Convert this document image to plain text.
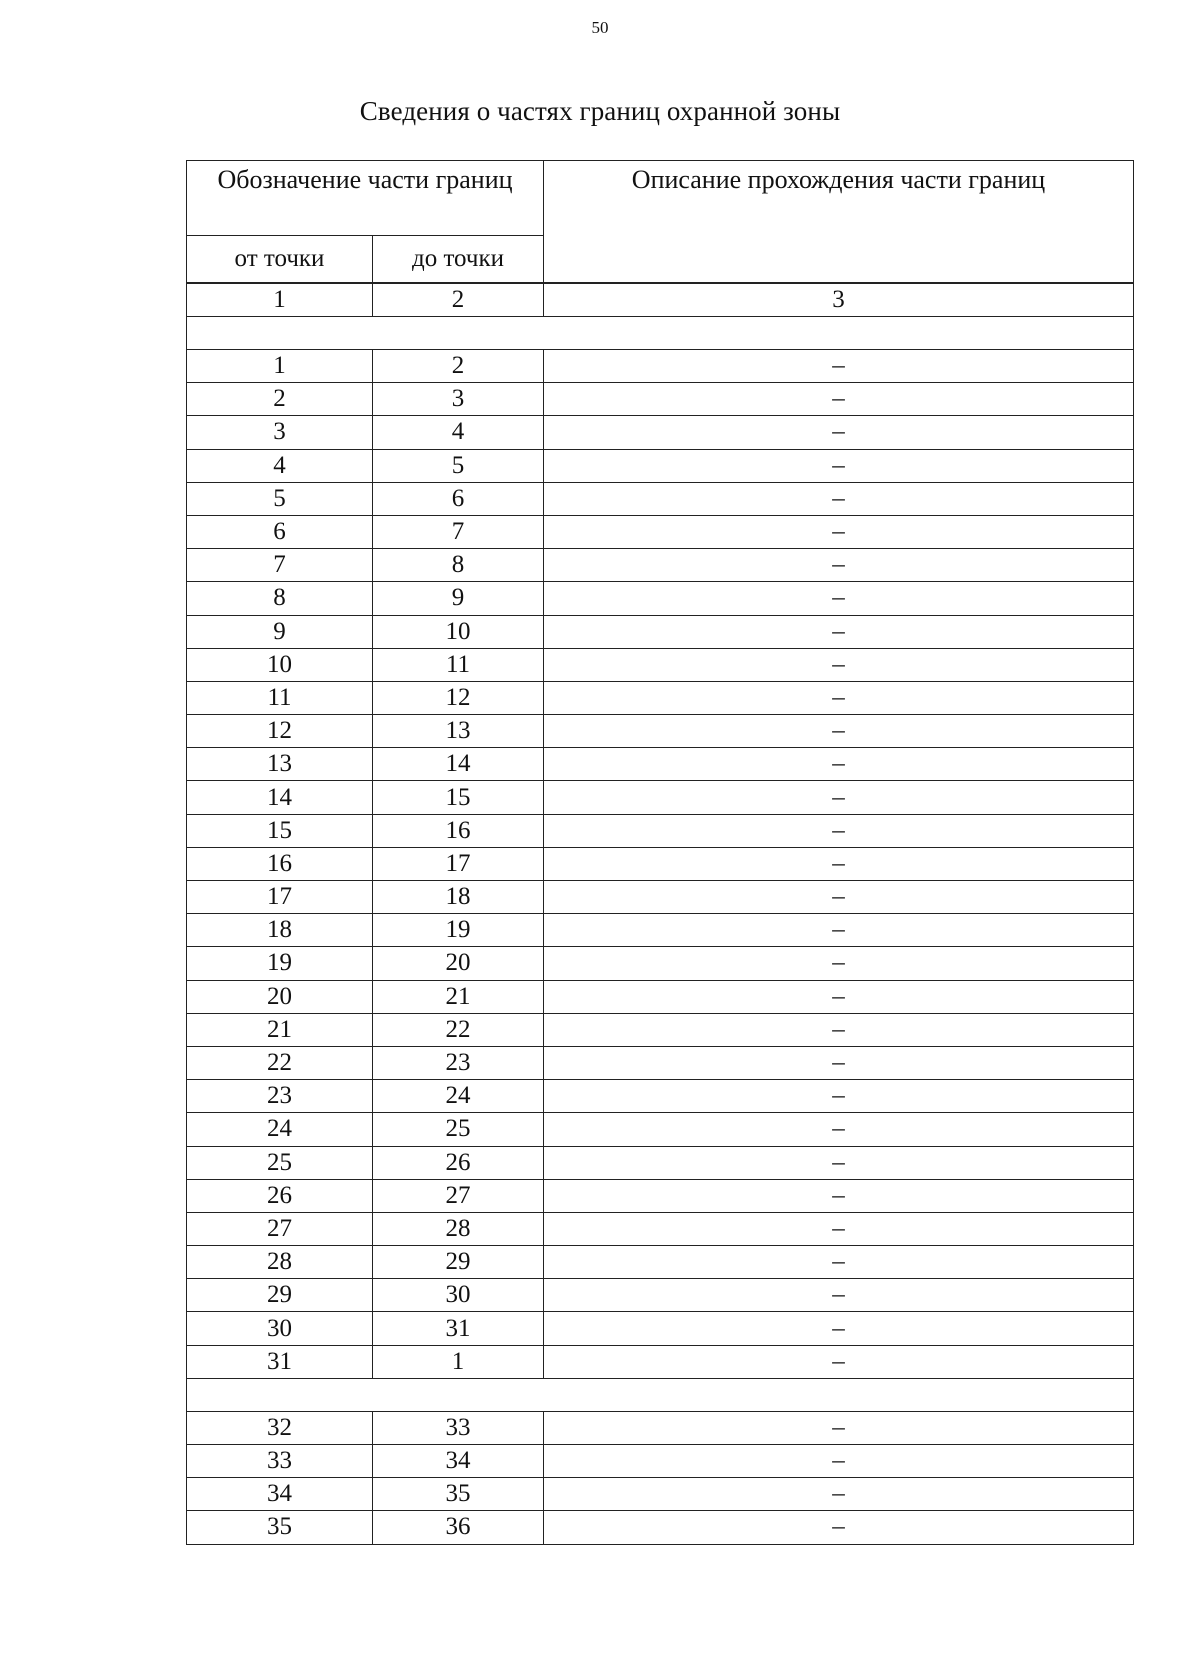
50
Сведения о частях границ охранной зоны
Обозначение части границ		Описание прохождения части границ
от точки	до точки	
1	2	3

1	2	–
2	3	–
3	4	–
4	5	–
5	6	–
6	7	–
7	8	–
8	9	–
9	10	–
10	11	–
11	12	–
12	13	–
13	14	–
14	15	–
15	16	–
16	17	–
17	18	–
18	19	–
19	20	–
20	21	–
21	22	–
22	23	–
23	24	–
24	25	–
25	26	–
26	27	–
27	28	–
28	29	–
29	30	–
30	31	–
31	1	–

32	33	–
33	34	–
34	35	–
35	36	–
